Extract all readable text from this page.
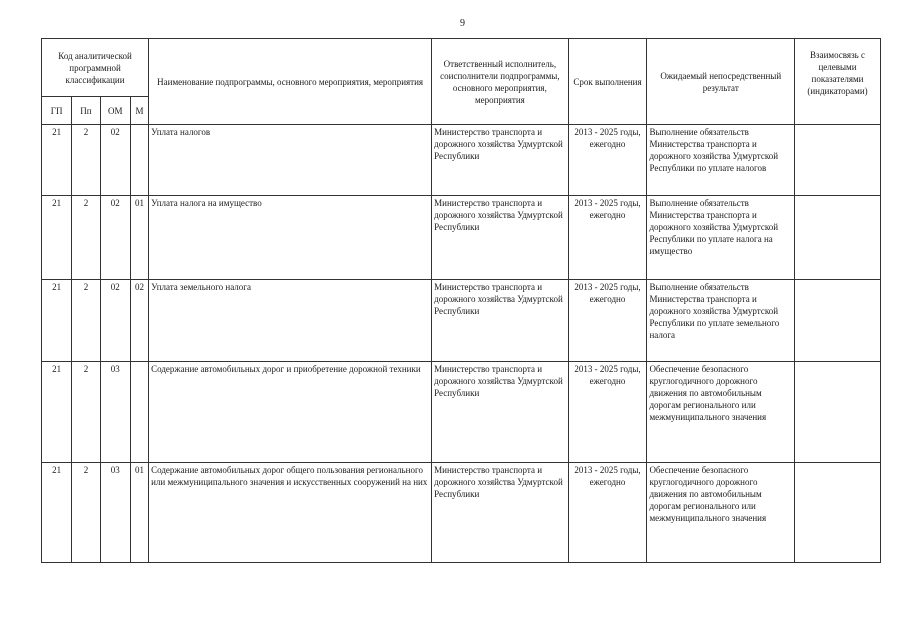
9
Код аналитической программной классификации				Наименование подпрограммы, основного мероприятия, мероприятия	Ответственный исполнитель, соисполнители подпрограммы, основного мероприятия, мероприятия	Срок выполнения	Ожидаемый непосредственный результат	Взаимосвязь с целевыми показателями (индикаторами)
ГП	Пп	ОМ	М					
21	2	02		Уплата налогов	Министерство транспорта и дорожного хозяйства Удмуртской Республики	2013 - 2025 годы, ежегодно	Выполнение обязательств Министерства транспорта и дорожного хозяйства Удмуртской Республики по уплате налогов	
21	2	02	01	Уплата налога на имущество	Министерство транспорта и дорожного хозяйства Удмуртской Республики	2013 - 2025 годы, ежегодно	Выполнение обязательств Министерства транспорта и дорожного хозяйства Удмуртской Республики по уплате налога на имущество	
21	2	02	02	Уплата земельного налога	Министерство транспорта и дорожного хозяйства Удмуртской Республики	2013 - 2025 годы, ежегодно	Выполнение обязательств Министерства транспорта и дорожного хозяйства Удмуртской Республики по уплате земельного налога	
21	2	03		Содержание автомобильных дорог и приобретение дорожной техники	Министерство транспорта и дорожного хозяйства Удмуртской Республики	2013 - 2025 годы, ежегодно	Обеспечение безопасного круглогодичного дорожного движения по автомобильным дорогам регионального или межмуниципального значения	
21	2	03	01	Содержание автомобильных дорог общего пользования регионального или межмуниципального значения и искусственных сооружений на них	Министерство транспорта и дорожного хозяйства Удмуртской Республики	2013 - 2025 годы, ежегодно	Обеспечение безопасного круглогодичного дорожного движения по автомобильным дорогам регионального или межмуниципального значения	
